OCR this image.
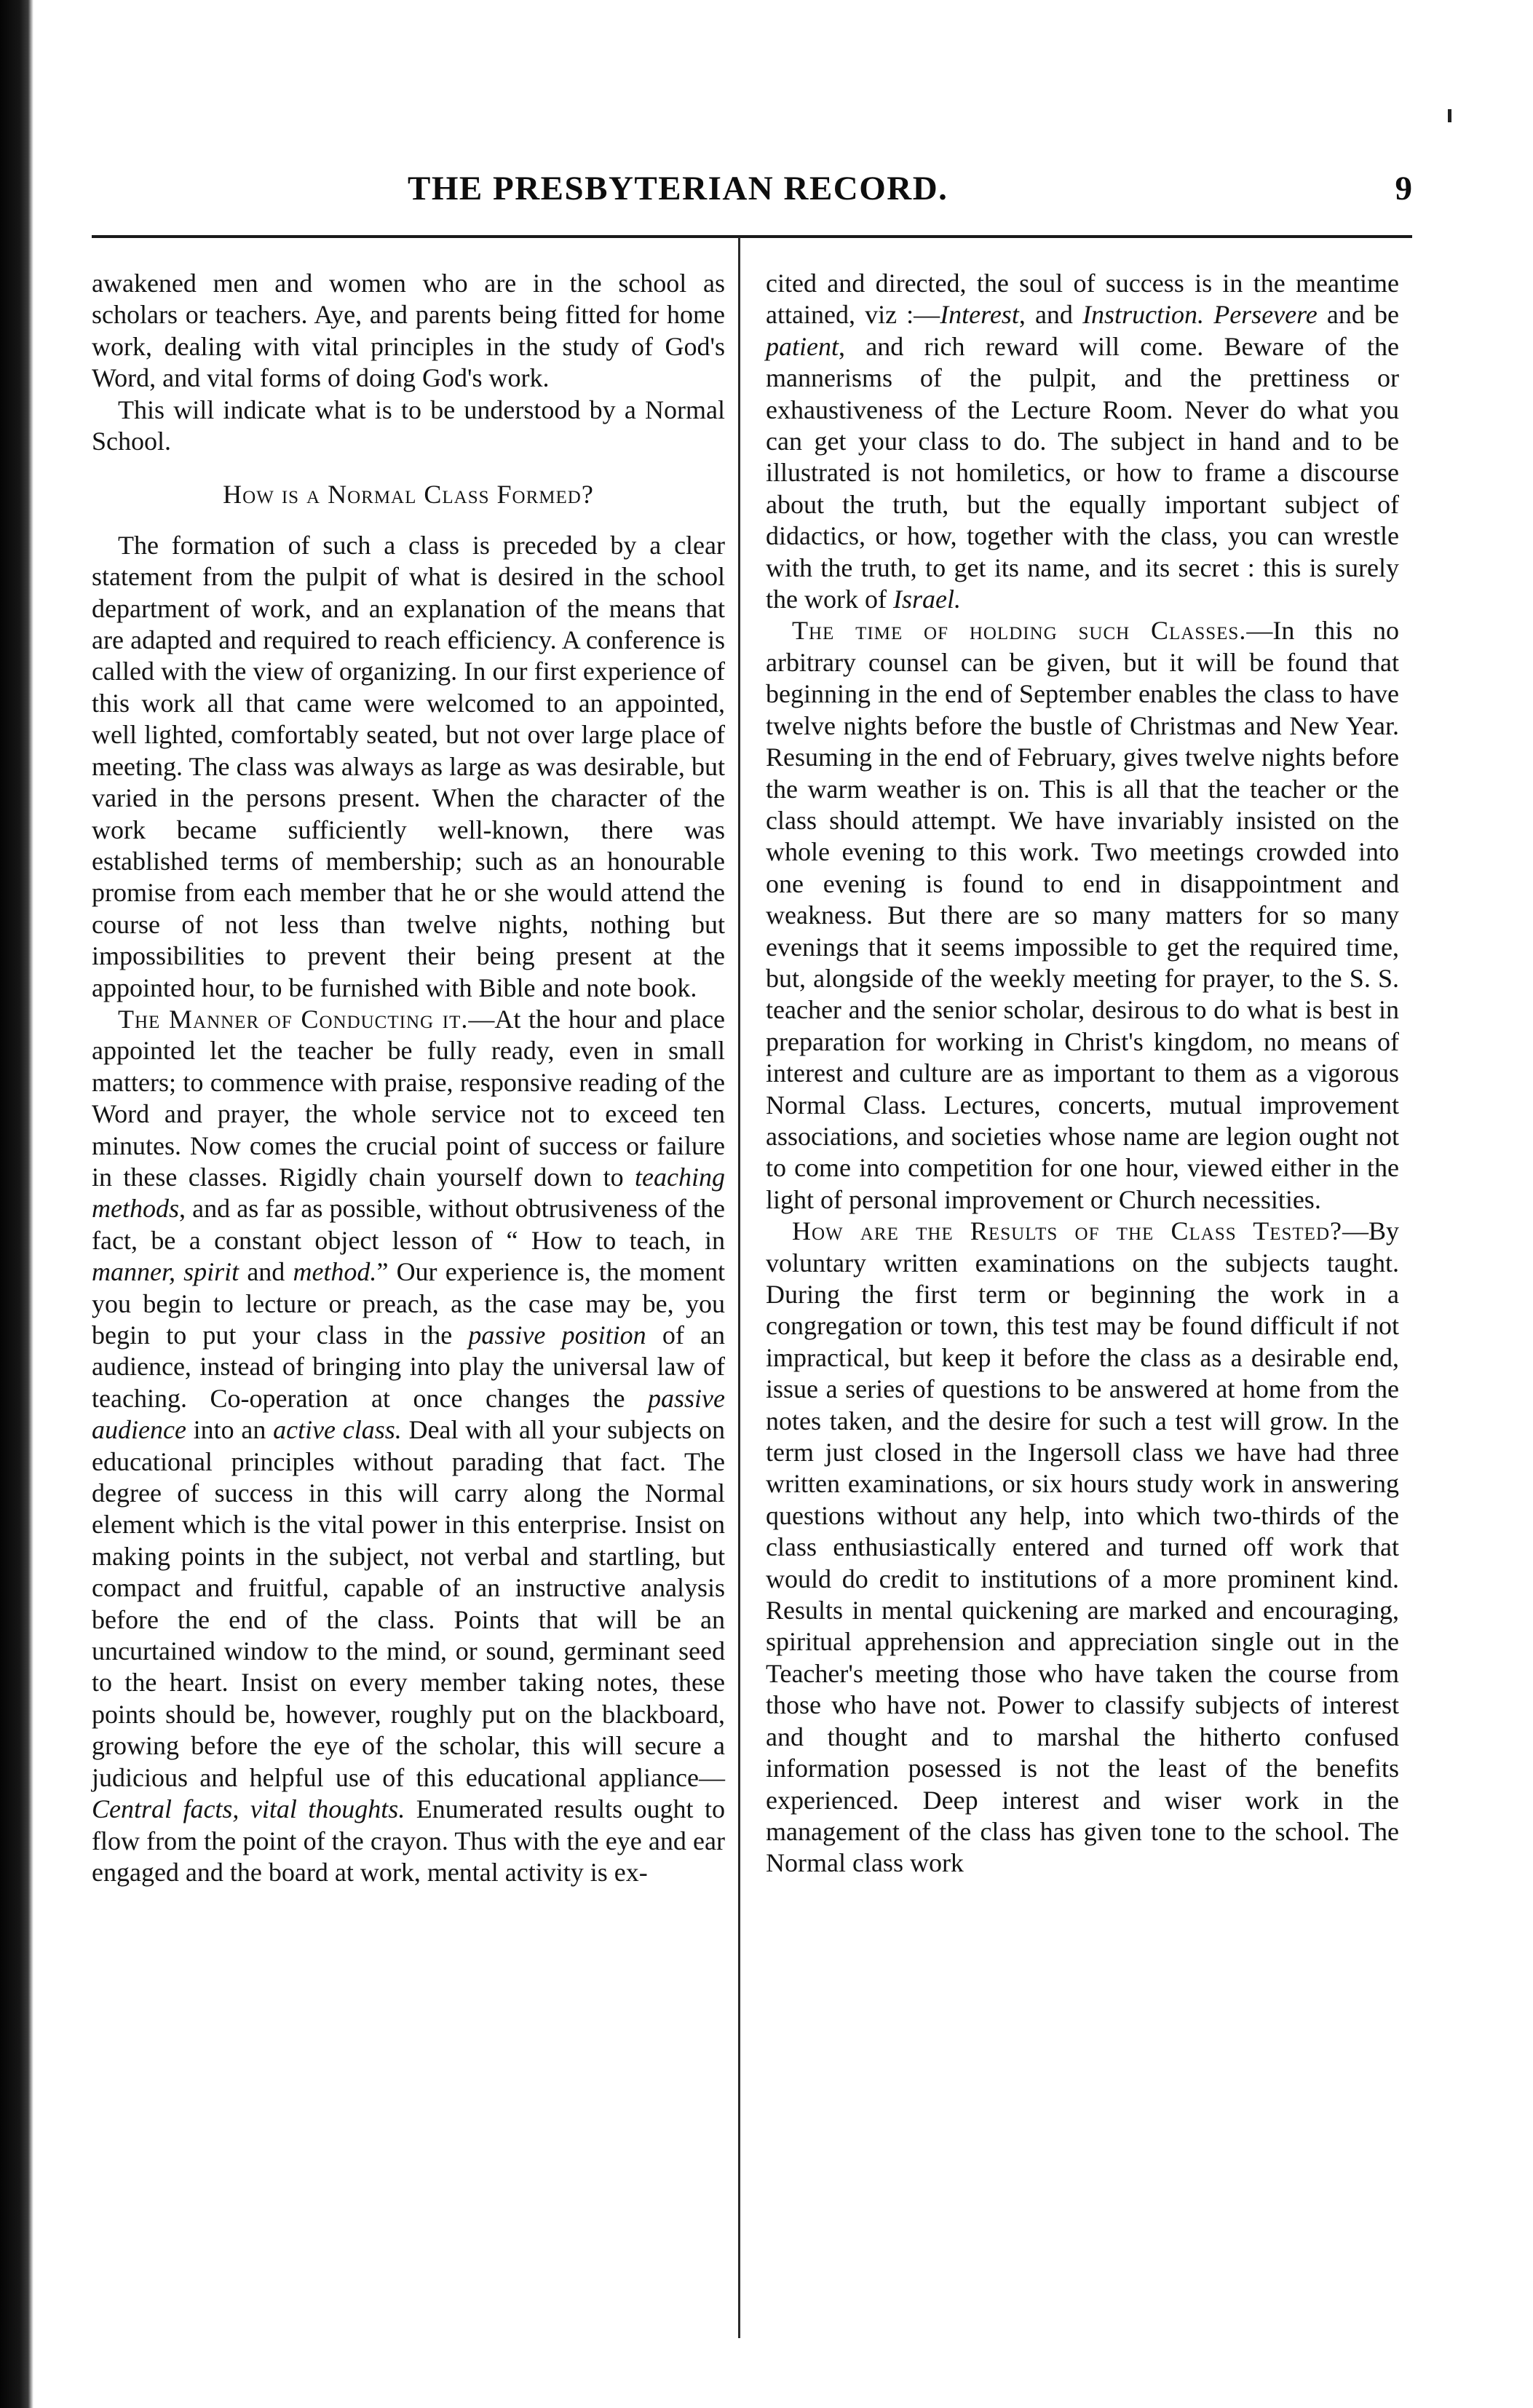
THE PRESBYTERIAN RECORD.	9

awakened men and women who are in the school as scholars or teachers. Aye, and parents being fitted for home work, dealing with vital principles in the study of God's Word, and vital forms of doing God's work.

This will indicate what is to be understood by a Normal School.

How is a Normal Class Formed?

The formation of such a class is preceded by a clear statement from the pulpit of what is desired in the school department of work, and an explanation of the means that are adapted and required to reach efficiency. A conference is called with the view of organizing. In our first experience of this work all that came were welcomed to an appointed, well lighted, comfortably seated, but not over large place of meeting. The class was always as large as was desirable, but varied in the persons present. When the character of the work became sufficiently well-known, there was established terms of membership; such as an honourable promise from each member that he or she would attend the course of not less than twelve nights, nothing but impossibilities to prevent their being present at the appointed hour, to be furnished with Bible and note book.

The Manner of Conducting it.—At the hour and place appointed let the teacher be fully ready, even in small matters; to commence with praise, responsive reading of the Word and prayer, the whole service not to exceed ten minutes. Now comes the crucial point of success or failure in these classes. Rigidly chain yourself down to teaching methods, and as far as possible, without obtrusiveness of the fact, be a constant object lesson of “ How to teach, in manner, spirit and method.” Our experience is, the moment you begin to lecture or preach, as the case may be, you begin to put your class in the passive position of an audience, instead of bringing into play the universal law of teaching. Co-operation at once changes the passive audience into an active class. Deal with all your subjects on educational principles without parading that fact. The degree of success in this will carry along the Normal element which is the vital power in this enterprise. Insist on making points in the subject, not verbal and startling, but compact and fruitful, capable of an instructive analysis before the end of the class. Points that will be an uncurtained window to the mind, or sound, germinant seed to the heart. Insist on every member taking notes, these points should be, however, roughly put on the blackboard, growing before the eye of the scholar, this will secure a judicious and helpful use of this educational appliance—Central facts, vital thoughts. Enumerated results ought to flow from the point of the crayon. Thus with the eye and ear engaged and the board at work, mental activity is ex-

cited and directed, the soul of success is in the meantime attained, viz :—Interest, and Instruction. Persevere and be patient, and rich reward will come. Beware of the mannerisms of the pulpit, and the prettiness or exhaustiveness of the Lecture Room. Never do what you can get your class to do. The subject in hand and to be illustrated is not homiletics, or how to frame a discourse about the truth, but the equally important subject of didactics, or how, together with the class, you can wrestle with the truth, to get its name, and its secret : this is surely the work of Israel.

The time of holding such Classes.—In this no arbitrary counsel can be given, but it will be found that beginning in the end of September enables the class to have twelve nights before the bustle of Christmas and New Year. Resuming in the end of February, gives twelve nights before the warm weather is on. This is all that the teacher or the class should attempt. We have invariably insisted on the whole evening to this work. Two meetings crowded into one evening is found to end in disappointment and weakness. But there are so many matters for so many evenings that it seems impossible to get the required time, but, alongside of the weekly meeting for prayer, to the S. S. teacher and the senior scholar, desirous to do what is best in preparation for working in Christ's kingdom, no means of interest and culture are as important to them as a vigorous Normal Class. Lectures, concerts, mutual improvement associations, and societies whose name are legion ought not to come into competition for one hour, viewed either in the light of personal improvement or Church necessities.

How are the Results of the Class Tested?—By voluntary written examinations on the subjects taught. During the first term or beginning the work in a congregation or town, this test may be found difficult if not impractical, but keep it before the class as a desirable end, issue a series of questions to be answered at home from the notes taken, and the desire for such a test will grow. In the term just closed in the Ingersoll class we have had three written examinations, or six hours study work in answering questions without any help, into which two-thirds of the class enthusiastically entered and turned off work that would do credit to institutions of a more prominent kind. Results in mental quickening are marked and encouraging, spiritual apprehension and appreciation single out in the Teacher's meeting those who have taken the course from those who have not. Power to classify subjects of interest and thought and to marshal the hitherto confused information posessed is not the least of the benefits experienced. Deep interest and wiser work in the management of the class has given tone to the school. The Normal class work
